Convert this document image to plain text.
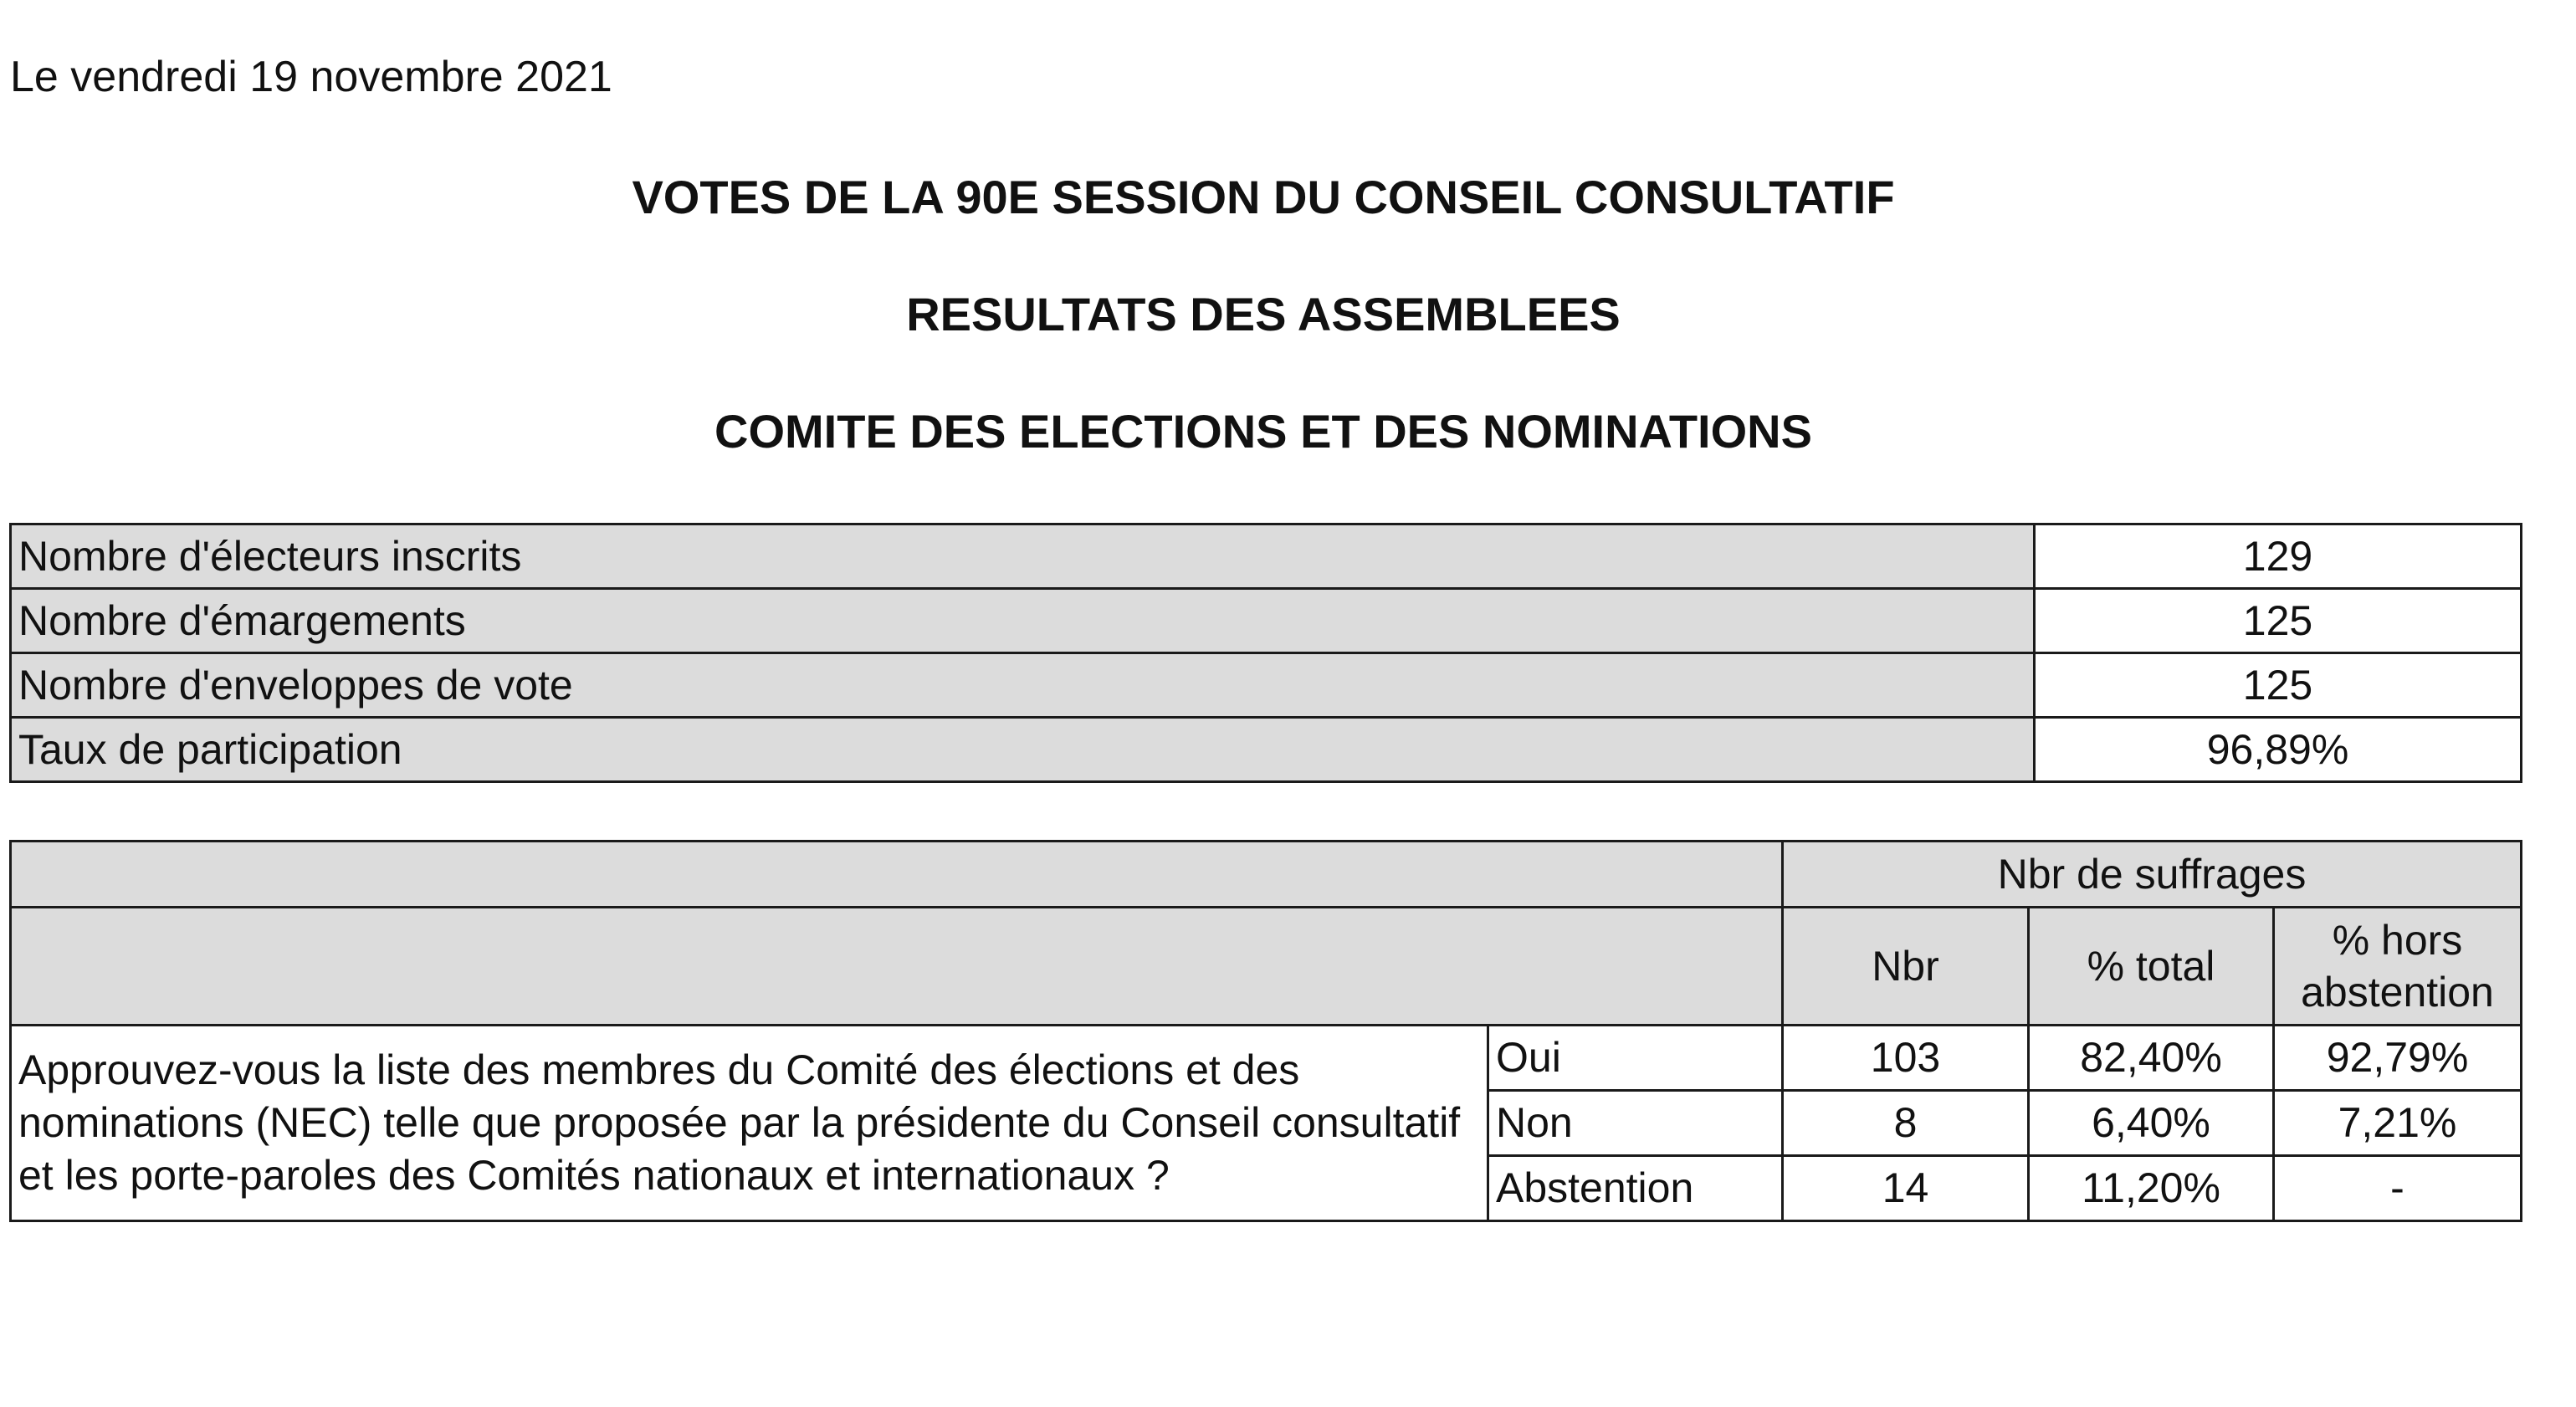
Le vendredi 19 novembre 2021
VOTES DE LA 90E SESSION DU CONSEIL CONSULTATIF
RESULTATS DES ASSEMBLEES
COMITE DES ELECTIONS ET DES NOMINATIONS
Nombre d'électeurs inscrits	129
Nombre d'émargements	125
Nombre d'enveloppes de vote	125
Taux de participation	96,89%
		Nbr de suffrages		
		Nbr	% total	% hors
abstention

Approuvez-vous la liste des membres du Comité des élections et des nominations (NEC) telle que proposée par la présidente du Conseil consultatif et les porte-paroles des Comités nationaux et internationaux ?	Oui	103	82,40%	92,79%
	Non	8	6,40%	7,21%
	Abstention	14	11,20%	-
